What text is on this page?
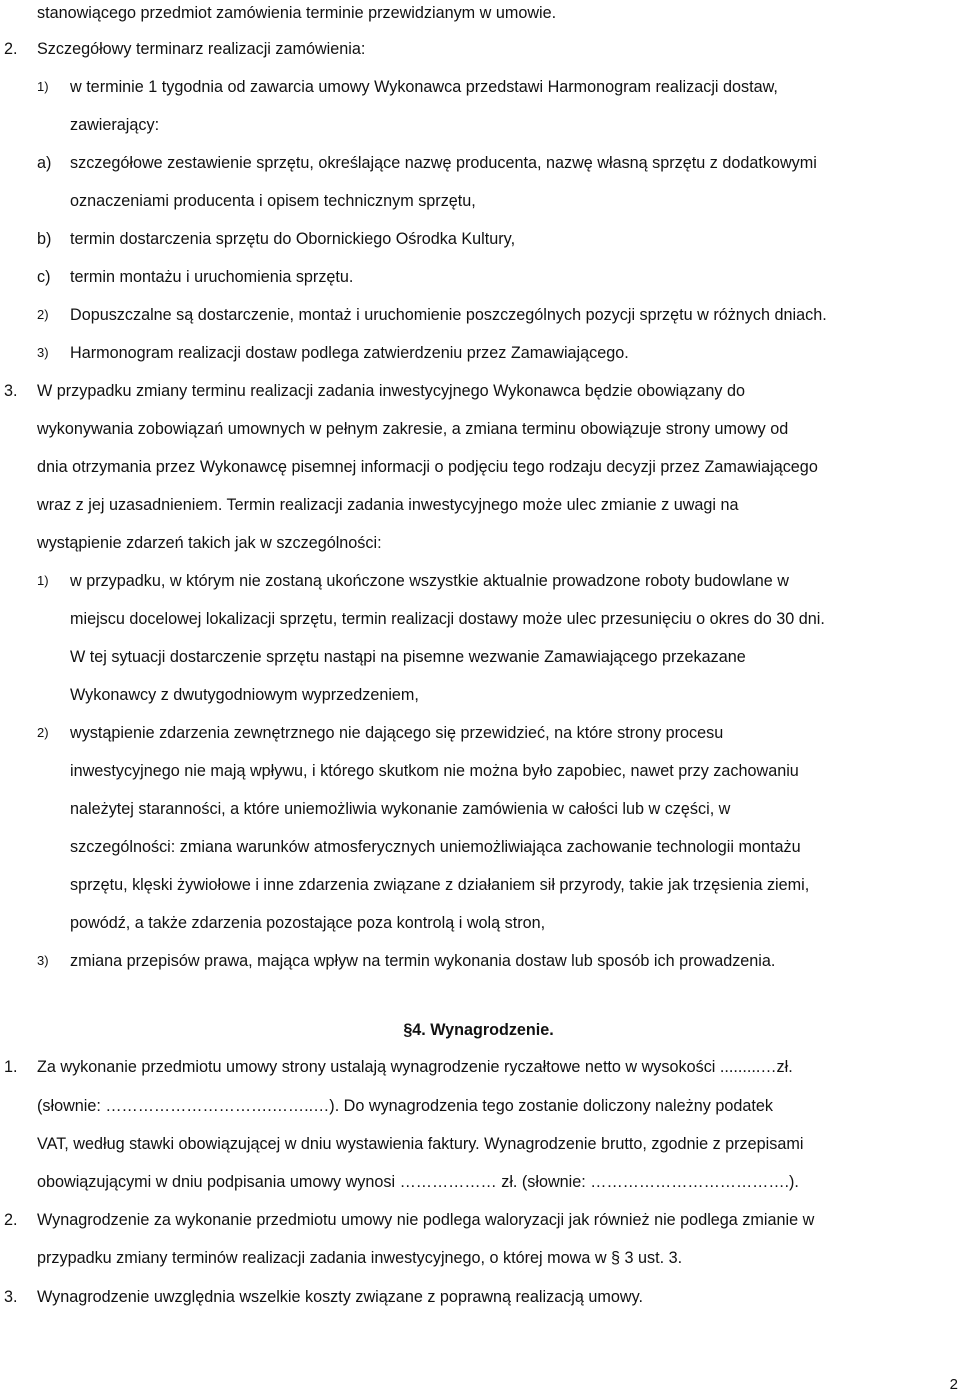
stanowiącego przedmiot zamówienia terminie przewidzianym w umowie.
2. Szczegółowy terminarz realizacji zamówienia:
1) w terminie 1 tygodnia od zawarcia umowy Wykonawca przedstawi Harmonogram realizacji dostaw,
zawierający:
a) szczegółowe zestawienie sprzętu, określające nazwę producenta, nazwę własną sprzętu z dodatkowymi
oznaczeniami producenta i opisem technicznym sprzętu,
b) termin dostarczenia sprzętu do Obornickiego Ośrodka Kultury,
c) termin montażu i uruchomienia sprzętu.
2) Dopuszczalne są dostarczenie, montaż i uruchomienie poszczególnych pozycji sprzętu w różnych dniach.
3) Harmonogram realizacji dostaw podlega zatwierdzeniu przez Zamawiającego.
3. W przypadku zmiany terminu realizacji zadania inwestycyjnego Wykonawca będzie obowiązany do
wykonywania zobowiązań umownych w pełnym zakresie, a zmiana terminu obowiązuje strony umowy od
dnia otrzymania przez Wykonawcę pisemnej informacji o podjęciu tego rodzaju decyzji przez Zamawiającego
wraz z jej uzasadnieniem. Termin realizacji zadania inwestycyjnego może ulec zmianie z uwagi na
wystąpienie zdarzeń takich jak w szczególności:
1) w przypadku, w którym nie zostaną ukończone wszystkie aktualnie prowadzone roboty budowlane w
miejscu docelowej lokalizacji sprzętu, termin realizacji dostawy może ulec przesunięciu o okres do 30 dni.
W tej sytuacji dostarczenie sprzętu nastąpi na pisemne wezwanie Zamawiającego przekazane
Wykonawcy z dwutygodniowym wyprzedzeniem,
2) wystąpienie zdarzenia zewnętrznego nie dającego się przewidzieć, na które strony procesu
inwestycyjnego nie mają wpływu, i którego skutkom nie można było zapobiec, nawet przy zachowaniu
należytej staranności, a które uniemożliwia wykonanie zamówienia w całości lub w części, w
szczególności: zmiana warunków atmosferycznych uniemożliwiająca zachowanie technologii montażu
sprzętu, klęski żywiołowe i inne zdarzenia związane z działaniem sił przyrody, takie jak trzęsienia ziemi,
powódź, a także zdarzenia pozostające poza kontrolą i wolą stron,
3) zmiana przepisów prawa, mająca wpływ na termin wykonania dostaw lub sposób ich prowadzenia.
§4. Wynagrodzenie.
1. Za wykonanie przedmiotu umowy strony ustalają wynagrodzenie ryczałtowe netto w wysokości .........…zł.
(słownie: ………………………….……..…). Do wynagrodzenia tego zostanie doliczony należny podatek
VAT, według stawki obowiązującej w dniu wystawienia faktury. Wynagrodzenie brutto, zgodnie z przepisami
obowiązującymi w dniu podpisania umowy wynosi ……………… zł. (słownie: ……………………………….).
2. Wynagrodzenie za wykonanie przedmiotu umowy nie podlega waloryzacji jak również nie podlega zmianie w
przypadku zmiany terminów realizacji zadania inwestycyjnego, o której mowa w § 3 ust. 3.
3. Wynagrodzenie uwzględnia wszelkie koszty związane z poprawną realizacją umowy.
2
